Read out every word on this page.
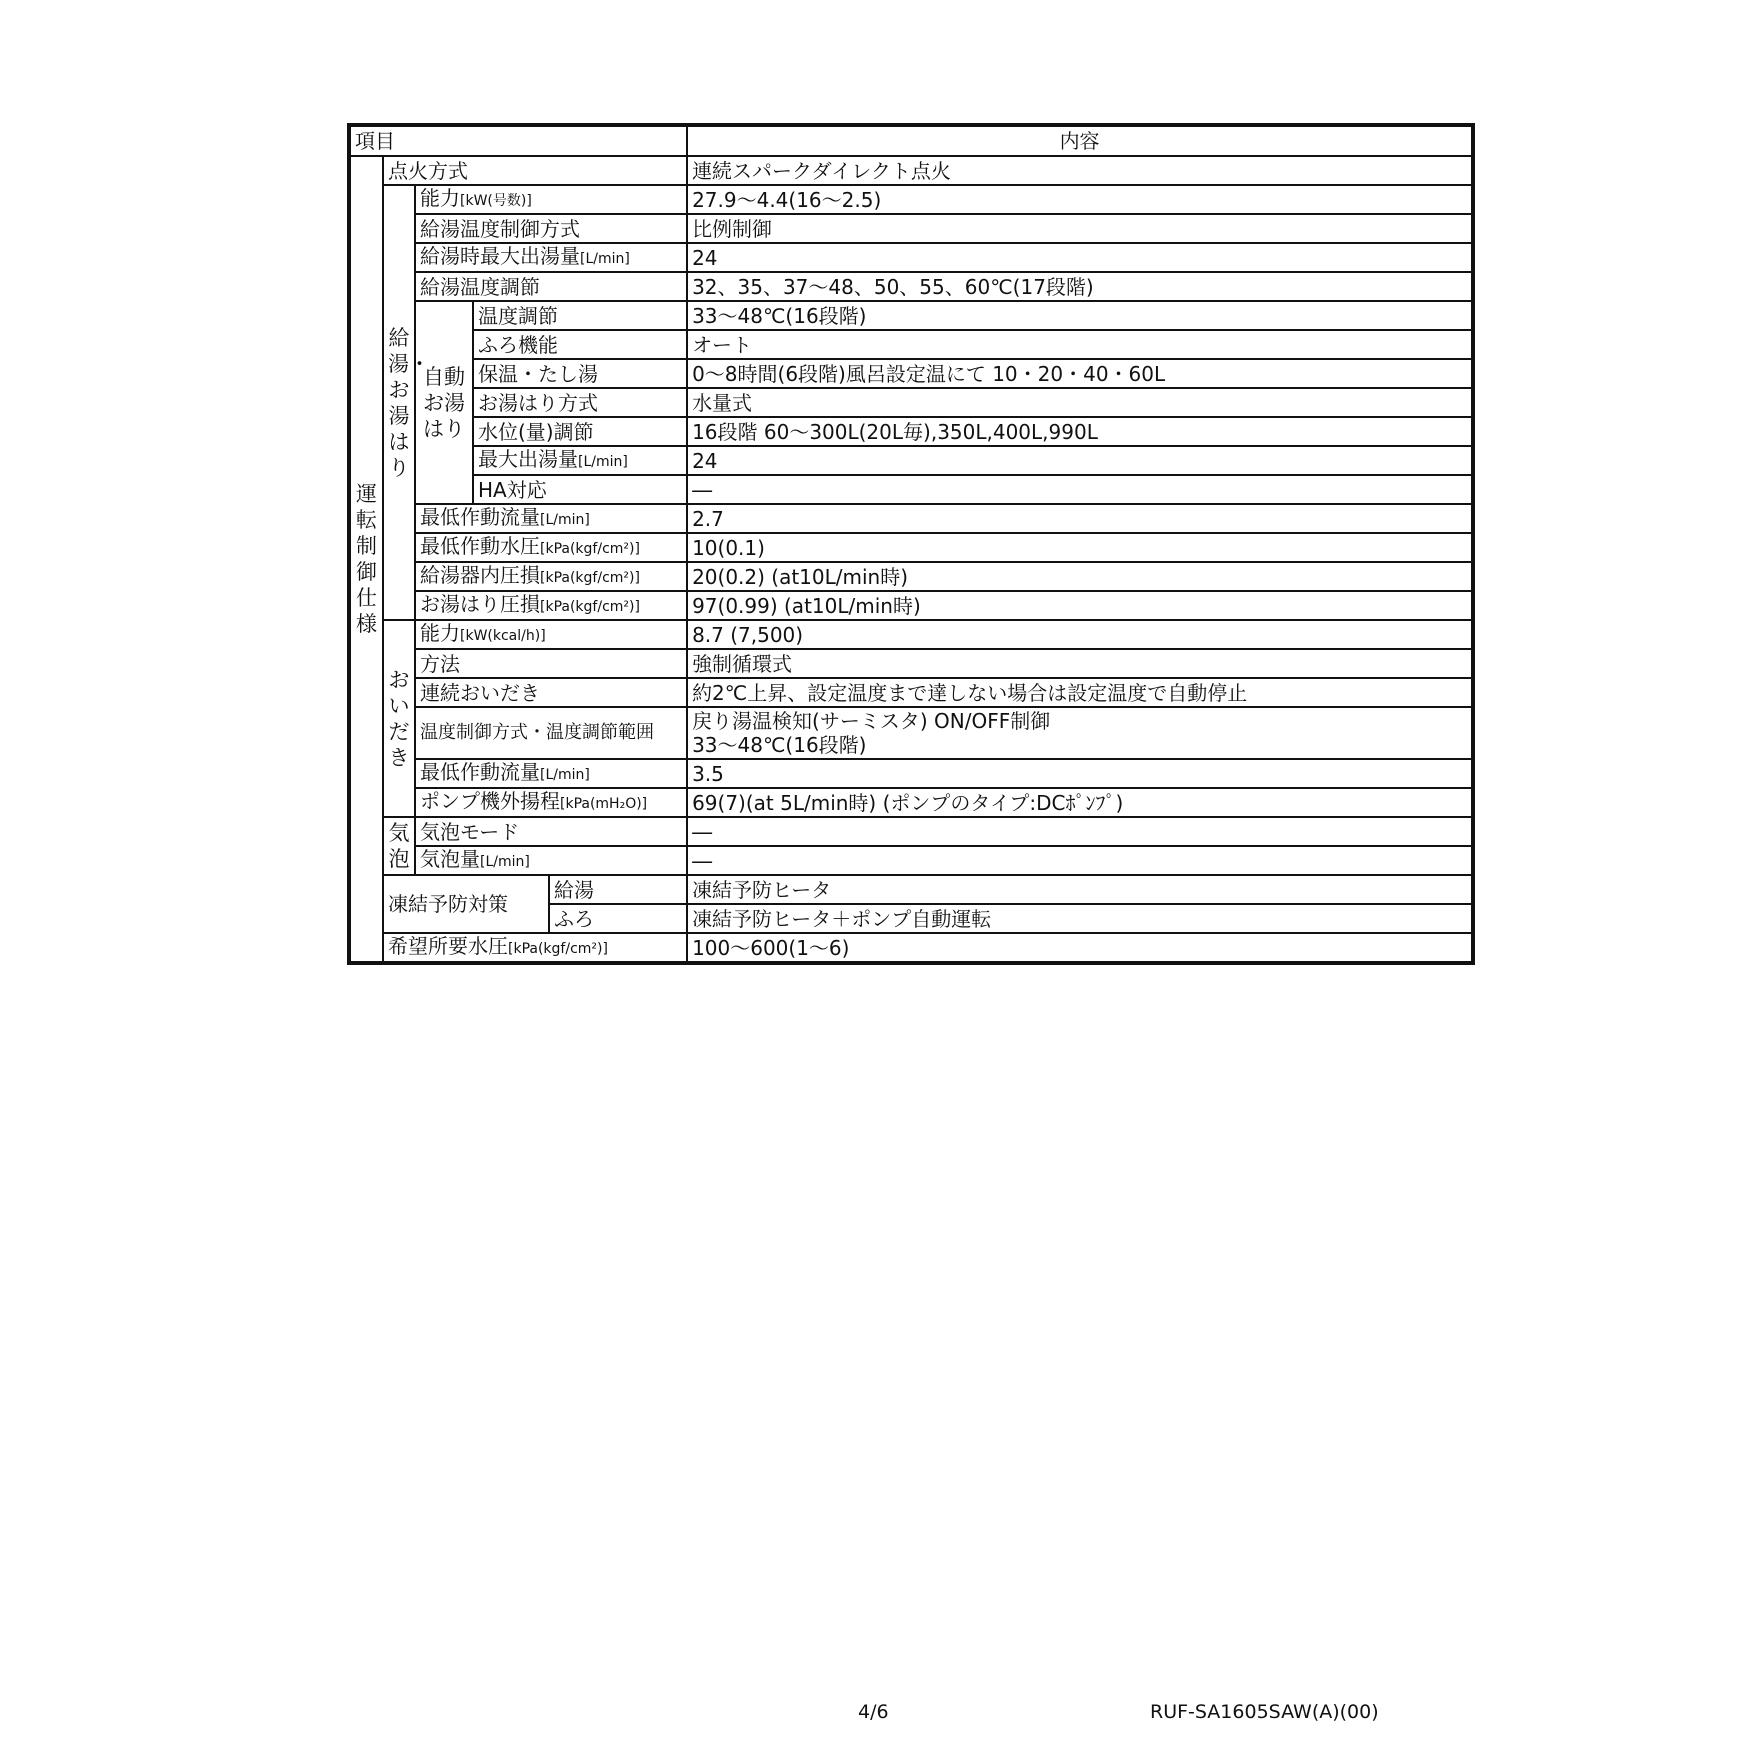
項目					内容

運転制御仕様	点火方式				連続スパークダイレクト点火

	給湯・お湯はり	能力[kW(号数)]			27.9～4.4(16～2.5)
		給湯温度制御方式			比例制御
		給湯時最大出湯量[L/min]			24
		給湯温度調節			32、35、37～48、50、55、60℃(17段階)

		自動お湯はり	温度調節		33～48℃(16段階)
			ふろ機能		オート
			保温・たし湯		0～8時間(6段階)風呂設定温にて 10・20・40・60L
			お湯はり方式		水量式
			水位(量)調節		16段階 60～300L(20L毎),350L,400L,990L
			最大出湯量[L/min]		24
			HA対応		―
		最低作動流量[L/min]			2.7
		最低作動水圧[kPa(kgf/cm²)]			10(0.1)
		給湯器内圧損[kPa(kgf/cm²)]			20(0.2) (at10L/min時)
		お湯はり圧損[kPa(kgf/cm²)]			97(0.99) (at10L/min時)

	おいだき	能力[kW(kcal/h)]			8.7 (7,500)
		方法			強制循環式
		連続おいだき			約2℃上昇、設定温度まで達しない場合は設定温度で自動停止
		温度制御方式・温度調節範囲			戻り湯温検知(サーミスタ) ON/OFF制御
33～48℃(16段階)

		最低作動流量[L/min]			3.5
		ポンプ機外揚程[kPa(mH₂O)]			69(7)(at 5L/min時) (ポンプのタイプ:DCﾎﾟﾝﾌﾟ)

	気泡	気泡モード			―
		気泡量[L/min]			―
	凍結予防対策			給湯	凍結予防ヒータ
				ふろ	凍結予防ヒータ＋ポンプ自動運転
	希望所要水圧[kPa(kgf/cm²)]				100～600(1～6)
4/6	RUF-SA1605SAW(A)(00)
